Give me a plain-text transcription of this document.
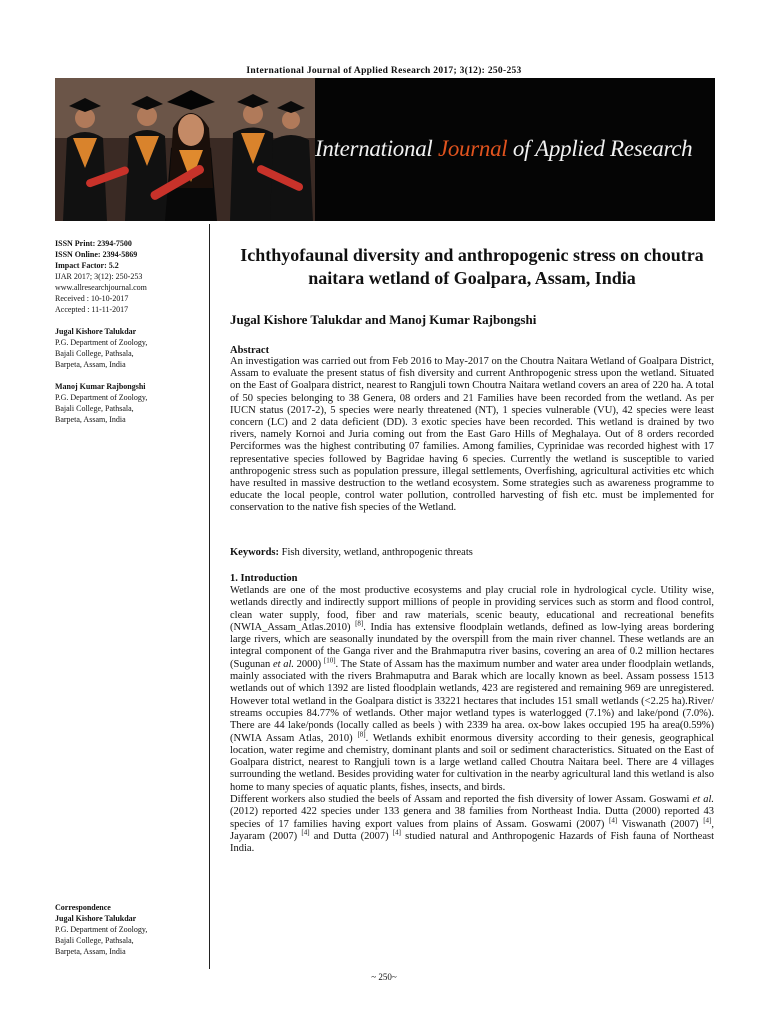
International Journal of Applied Research 2017; 3(12): 250-253
International Journal of Applied Research
ISSN Print: 2394-7500
ISSN Online: 2394-5869
Impact Factor: 5.2
IJAR 2017; 3(12): 250-253
www.allresearchjournal.com
Received : 10-10-2017
Accepted : 11-11-2017
Jugal Kishore Talukdar
P.G. Department of Zoology,
Bajali College, Pathsala,
Barpeta, Assam, India
Manoj Kumar Rajbongshi
P.G. Department of Zoology,
Bajali College, Pathsala,
Barpeta, Assam, India
Correspondence
Jugal Kishore Talukdar
P.G. Department of Zoology,
Bajali College, Pathsala,
Barpeta, Assam, India
Ichthyofaunal diversity and anthropogenic stress on choutra naitara wetland of Goalpara, Assam, India
Jugal Kishore Talukdar and Manoj Kumar Rajbongshi
Abstract
An investigation was carried out from Feb 2016 to May-2017 on the Choutra Naitara Wetland of Goalpara District, Assam to evaluate the present status of fish diversity and current Anthropogenic stress upon the wetland. Situated on the East of Goalpara district, nearest to Rangjuli town Choutra Naitara wetland covers an area of 220 ha. A total of 50 species belonging to 38 Genera, 08 orders and 21 Families have been recorded from the wetland. As per IUCN status (2017-2), 5 species were nearly threatened (NT), 1 species vulnerable (VU), 42 species were least concern (LC) and 2 data deficient (DD). 3 exotic species have been recorded. This wetland is drained by two rivers, namely Kornoi and Juria coming out from the East Garo Hills of Meghalaya. Out of 8 orders recorded Perciformes was the highest contributing 07 families. Among families, Cyprinidae was recorded highest with 17 representative species followed by Bagridae having 6 species. Currently the wetland is susceptible to varied anthropogenic stress such as population pressure, illegal settlements, Overfishing, agricultural activities etc which have resulted in massive destruction to the wetland ecosystem. Some strategies such as awareness programme to educate the local people, control water pollution, controlled harvesting of fish etc. must be implemented for conservation to the native fish species of the Wetland.
Keywords: Fish diversity, wetland, anthropogenic threats
1. Introduction

Wetlands are one of the most productive ecosystems and play crucial role in hydrological cycle. Utility wise, wetlands directly and indirectly support millions of people in providing services such as storm and flood control, clean water supply, food, fiber and raw materials, scenic beauty, educational and recreational benefits (NWIA_Assam_Atlas.2010) [8]. India has extensive floodplain wetlands, defined as low-lying areas bordering large rivers, which are seasonally inundated by the overspill from the main river channel. These wetlands are an integral component of the Ganga river and the Brahmaputra river basins, covering an area of 0.2 million hectares (Sugunan et al. 2000) [10]. The State of Assam has the maximum number and water area under floodplain wetlands, mainly associated with the rivers Brahmaputra and Barak which are locally known as beel. Assam possess 1513 wetlands out of which 1392 are listed floodplain wetlands, 423 are registered and remaining 969 are unregistered. However total wetland in the Goalpara distict is 33221 hectares that includes 151 small wetlands (<2.25 ha).River/ streams occupies 84.77% of wetlands. Other major wetland types is waterlogged (7.1%) and lake/pond (7.0%). There are 44 lake/ponds (locally called as beels ) with 2339 ha area. ox-bow lakes occupied 195 ha area(0.59%) (NWIA Assam Atlas, 2010) [8]. Wetlands exhibit enormous diversity according to their genesis, geographical location, water regime and chemistry, dominant plants and soil or sediment characteristics. Situated on the East of Goalpara district, nearest to Rangjuli town is a large wetland called Choutra Naitara beel. There are 4 villages surrounding the wetland. Besides providing water for cultivation in the nearby agricultural land this wetland is also home to many species of aquatic plants, fishes, insects, and birds.

Different workers also studied the beels of Assam and reported the fish diversity of lower Assam. Goswami et al. (2012) reported 422 species under 133 genera and 38 families from Northeast India. Dutta (2000) reported 43 species of 17 families having export values from plains of Assam. Goswami (2007) [4] Viswanath (2007) [4], Jayaram (2007) [4] and Dutta (2007) [4] studied natural and Anthropogenic Hazards of Fish fauna of Northeast India.

~ 250~
